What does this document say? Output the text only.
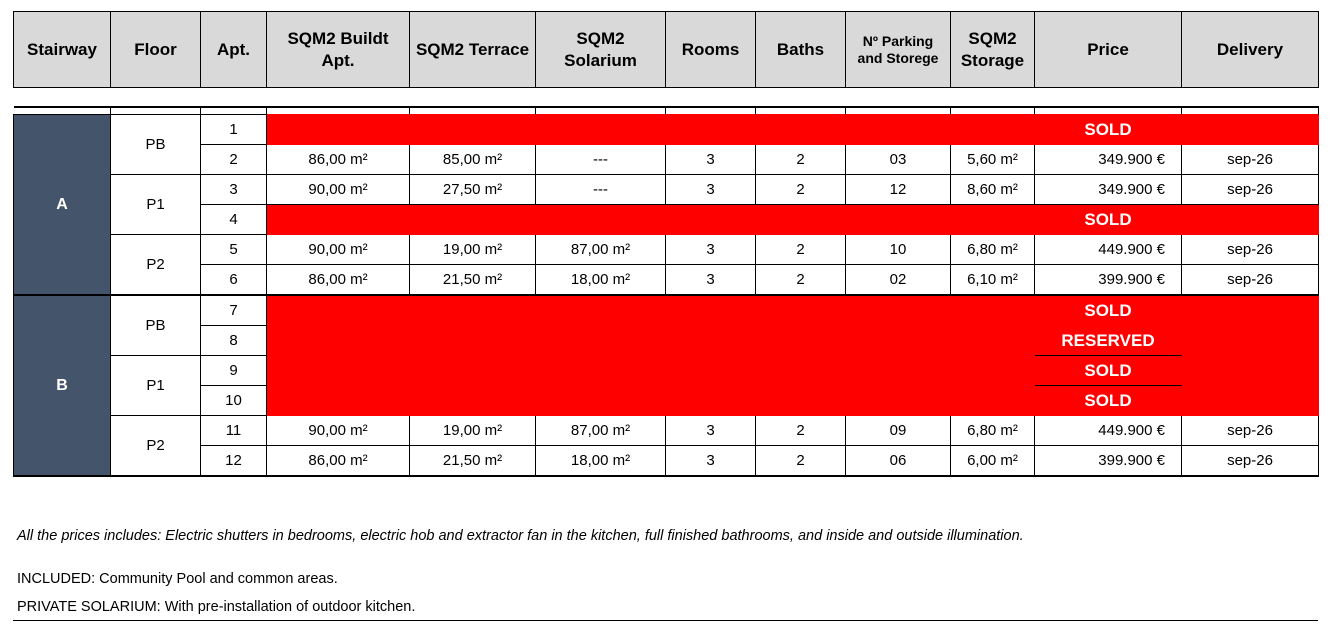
Stairway	Floor	Apt.	SQM2 Buildt Apt.	SQM2 Terrace	SQM2 Solarium	Rooms	Baths	Nº Parking and Storege	SQM2 Storage	Price	Delivery

A	PB	1								SOLD	
		2	86,00 m²	85,00 m²	---	3	2	03	5,60 m²	349.900 €	sep-26
	P1	3	90,00 m²	27,50 m²	---	3	2	12	8,60 m²	349.900 €	sep-26
		4								SOLD	
	P2	5	90,00 m²	19,00 m²	87,00 m²	3	2	10	6,80 m²	449.900 €	sep-26
		6	86,00 m²	21,50 m²	18,00 m²	3	2	02	6,10 m²	399.900 €	sep-26
B	PB	7								SOLD	
		8								RESERVED	
	P1	9								SOLD	
		10								SOLD	
	P2	11	90,00 m²	19,00 m²	87,00 m²	3	2	09	6,80 m²	449.900 €	sep-26
		12	86,00 m²	21,50 m²	18,00 m²	3	2	06	6,00 m²	399.900 €	sep-26
All the prices includes: Electric shutters in bedrooms, electric hob and extractor fan in the kitchen, full finished bathrooms, and inside and outside illumination.
INCLUDED: Community Pool and common areas.
PRIVATE SOLARIUM: With pre-installation of outdoor kitchen.
